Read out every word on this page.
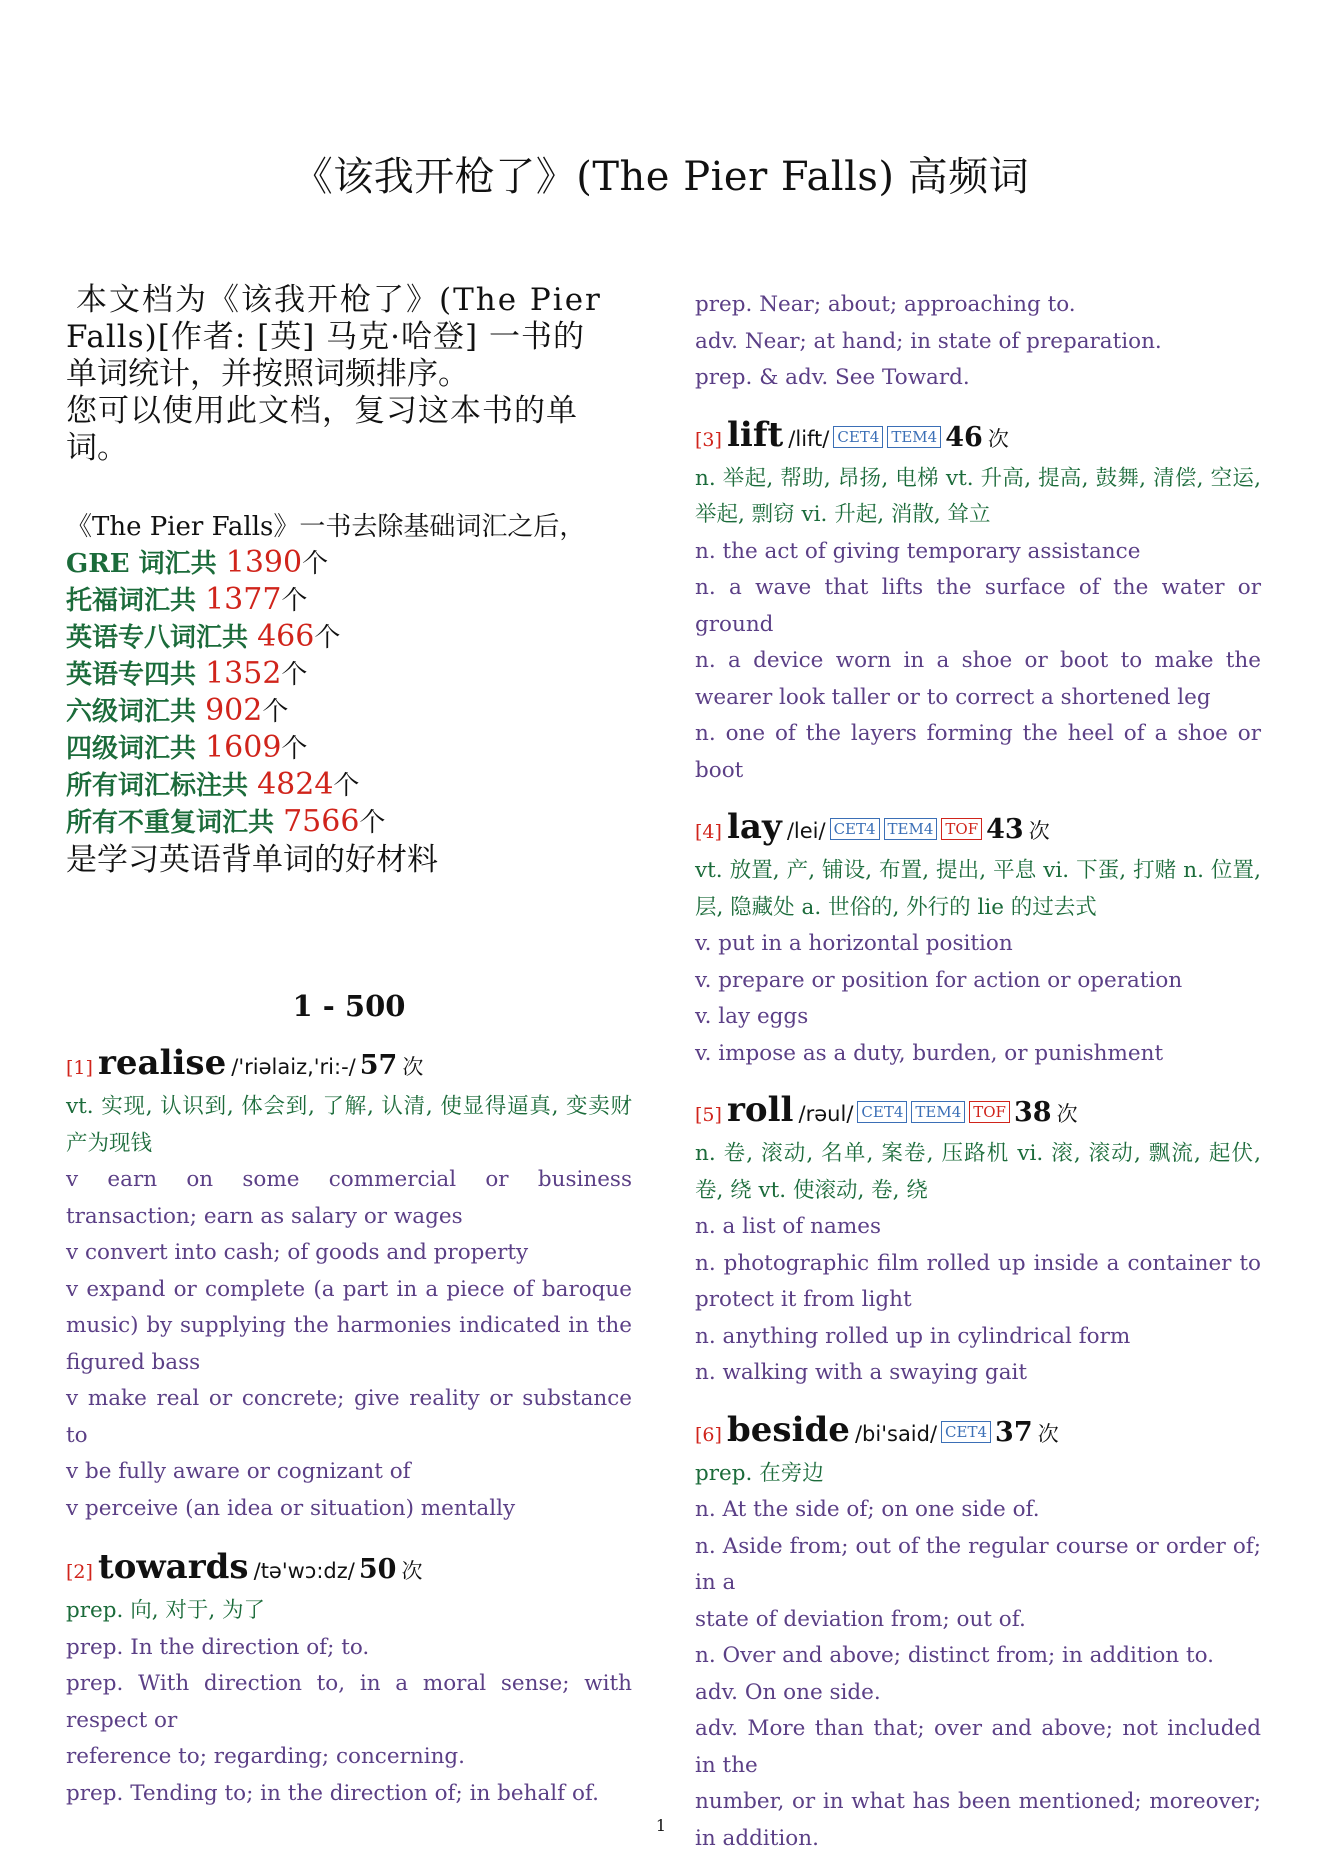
《该我开枪了》(The Pier Falls) 高频词
本文档为《该我开枪了》(The Pier
Falls)[作者: [英] 马克·哈登] 一书的
单词统计，并按照词频排序。
您可以使用此文档，复习这本书的单
词。
《The Pier Falls》一书去除基础词汇之后，
GRE 词汇共 1390个
托福词汇共 1377个
英语专八词汇共 466个
英语专四共 1352个
六级词汇共 902个
四级词汇共 1609个
所有词汇标注共 4824个
所有不重复词汇共 7566个
是学习英语背单词的好材料
1 - 500
[1] realise /'riəlaiz,'ri:-/ 57 次
vt. 实现, 认识到, 体会到, 了解, 认清, 使显得逼真, 变卖财产为现钱
v earn on some commercial or business transaction; earn as salary or wages
v convert into cash; of goods and property
v expand or complete (a part in a piece of baroque music) by supplying the harmonies indicated in the figured bass
v make real or concrete; give reality or substance to
v be fully aware or cognizant of
v perceive (an idea or situation) mentally
[2] towards /tə'wɔ:dz/ 50 次
prep. 向, 对于, 为了
prep. In the direction of; to.
prep. With direction to, in a moral sense; with respect or
reference to; regarding; concerning.
prep. Tending to; in the direction of; in behalf of.
prep. Near; about; approaching to.
adv. Near; at hand; in state of preparation.
prep. & adv. See Toward.
[3] lift /lift/ CET4 TEM4 46 次
n. 举起, 帮助, 昂扬, 电梯 vt. 升高, 提高, 鼓舞, 清偿, 空运, 举起, 剽窃 vi. 升起, 消散, 耸立
n. the act of giving temporary assistance
n. a wave that lifts the surface of the water or ground
n. a device worn in a shoe or boot to make the wearer look taller or to correct a shortened leg
n. one of the layers forming the heel of a shoe or boot
[4] lay /lei/ CET4 TEM4 TOF 43 次
vt. 放置, 产, 铺设, 布置, 提出, 平息 vi. 下蛋, 打赌 n. 位置, 层, 隐藏处 a. 世俗的, 外行的 lie 的过去式
v. put in a horizontal position
v. prepare or position for action or operation
v. lay eggs
v. impose as a duty, burden, or punishment
[5] roll /rəul/ CET4 TEM4 TOF 38 次
n. 卷, 滚动, 名单, 案卷, 压路机 vi. 滚, 滚动, 飘流, 起伏, 卷, 绕 vt. 使滚动, 卷, 绕
n. a list of names
n. photographic film rolled up inside a container to protect it from light
n. anything rolled up in cylindrical form
n. walking with a swaying gait
[6] beside /bi'said/ CET4 37 次
prep. 在旁边
n. At the side of; on one side of.
n. Aside from; out of the regular course or order of; in a
state of deviation from; out of.
n. Over and above; distinct from; in addition to.
adv. On one side.
adv. More than that; over and above; not included in the
number, or in what has been mentioned; moreover; in addition.
1
